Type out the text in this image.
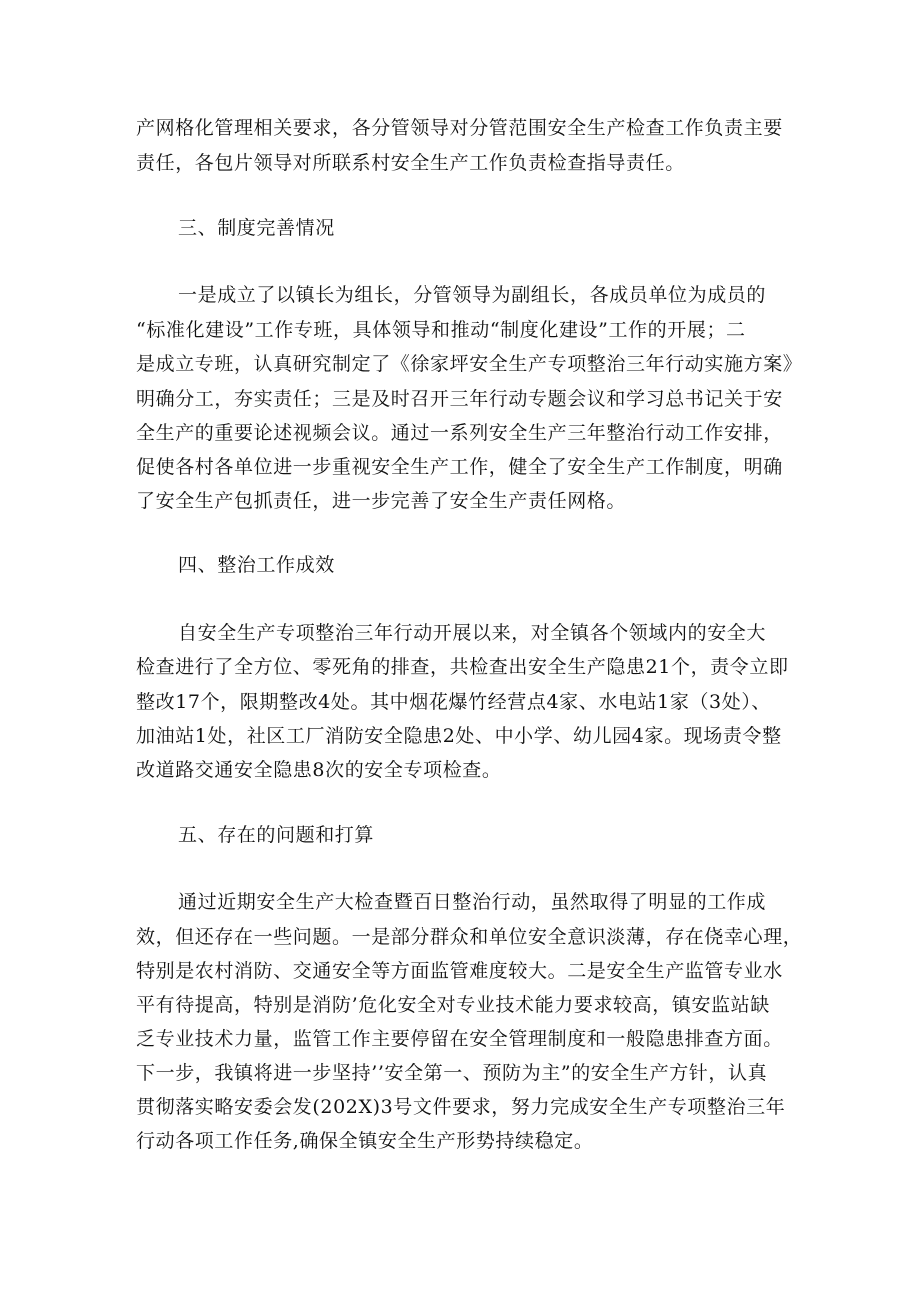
产网格化管理相关要求，各分管领导对分管范围安全生产检查工作负责主要
责任，各包片领导对所联系村安全生产工作负责检查指导责任。
三、制度完善情况
一是成立了以镇长为组长，分管领导为副组长，各成员单位为成员的
“标准化建设”工作专班，具体领导和推动“制度化建设”工作的开展；二
是成立专班，认真研究制定了《徐家坪安全生产专项整治三年行动实施方案》
明确分工，夯实责任；三是及时召开三年行动专题会议和学习总书记关于安
全生产的重要论述视频会议。通过一系列安全生产三年整治行动工作安排，
促使各村各单位进一步重视安全生产工作，健全了安全生产工作制度，明确
了安全生产包抓责任，进一步完善了安全生产责任网格。
四、整治工作成效
自安全生产专项整治三年行动开展以来，对全镇各个领域内的安全大
检查进行了全方位、零死角的排查，共检查出安全生产隐患21个，责令立即
整改17个，限期整改4处。其中烟花爆竹经营点4家、水电站1家（3处）、
加油站1处，社区工厂消防安全隐患2处、中小学、幼儿园4家。现场责令整
改道路交通安全隐患8次的安全专项检查。
五、存在的问题和打算
通过近期安全生产大检查暨百日整治行动，虽然取得了明显的工作成
效，但还存在一些问题。一是部分群众和单位安全意识淡薄，存在侥幸心理，
特别是农村消防、交通安全等方面监管难度较大。二是安全生产监管专业水
平有待提高，特别是消防’危化安全对专业技术能力要求较高，镇安监站缺
乏专业技术力量，监管工作主要停留在安全管理制度和一般隐患排查方面。
下一步，我镇将进一步坚持’’安全第一、预防为主”的安全生产方针，认真
贯彻落实略安委会发(202X)3号文件要求，努力完成安全生产专项整治三年
行动各项工作任务,确保全镇安全生产形势持续稳定。
